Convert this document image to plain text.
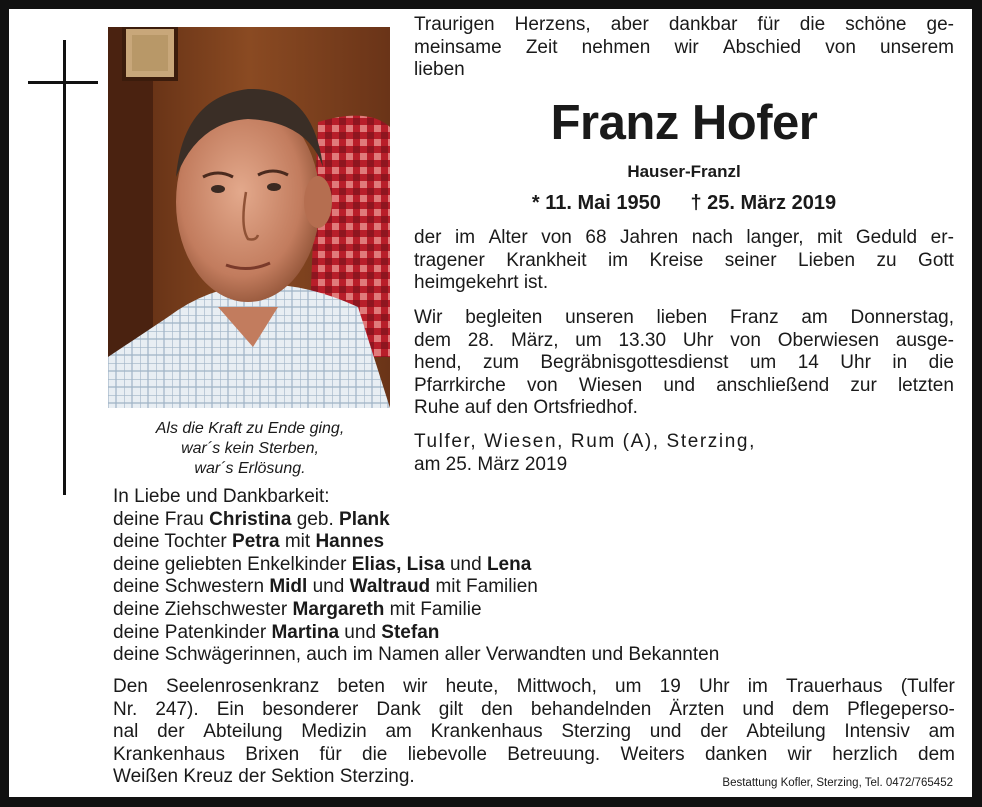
Als die Kraft zu Ende ging,
war´s kein Sterben,
war´s Erlösung.
Traurigen Herzens, aber dankbar für die schöne ge-
meinsame Zeit nehmen wir Abschied von unserem
lieben
Franz Hofer
Hauser-Franzl
* 11. Mai 1950 † 25. März 2019
der im Alter von 68 Jahren nach langer, mit Geduld er-
tragener Krankheit im Kreise seiner Lieben zu Gott
heimgekehrt ist.
Wir begleiten unseren lieben Franz am Donnerstag,
dem 28. März, um 13.30 Uhr von Oberwiesen ausge-
hend, zum Begräbnisgottesdienst um 14 Uhr in die
Pfarrkirche von Wiesen und anschließend zur letzten
Ruhe auf den Ortsfriedhof.
Tulfer, Wiesen, Rum (A), Sterzing,
am 25. März 2019
In Liebe und Dankbarkeit:
deine Frau Christina geb. Plank
deine Tochter Petra mit Hannes
deine geliebten Enkelkinder Elias, Lisa und Lena
deine Schwestern Midl und Waltraud mit Familien
deine Ziehschwester Margareth mit Familie
deine Patenkinder Martina und Stefan
deine Schwägerinnen, auch im Namen aller Verwandten und Bekannten
Den Seelenrosenkranz beten wir heute, Mittwoch, um 19 Uhr im Trauerhaus (Tulfer
Nr. 247). Ein besonderer Dank gilt den behandelnden Ärzten und dem Pflegeperso-
nal der Abteilung Medizin am Krankenhaus Sterzing und der Abteilung Intensiv am
Krankenhaus Brixen für die liebevolle Betreuung. Weiters danken wir herzlich dem
Weißen Kreuz der Sektion Sterzing.	Bestattung Kofler, Sterzing, Tel. 0472/765452
